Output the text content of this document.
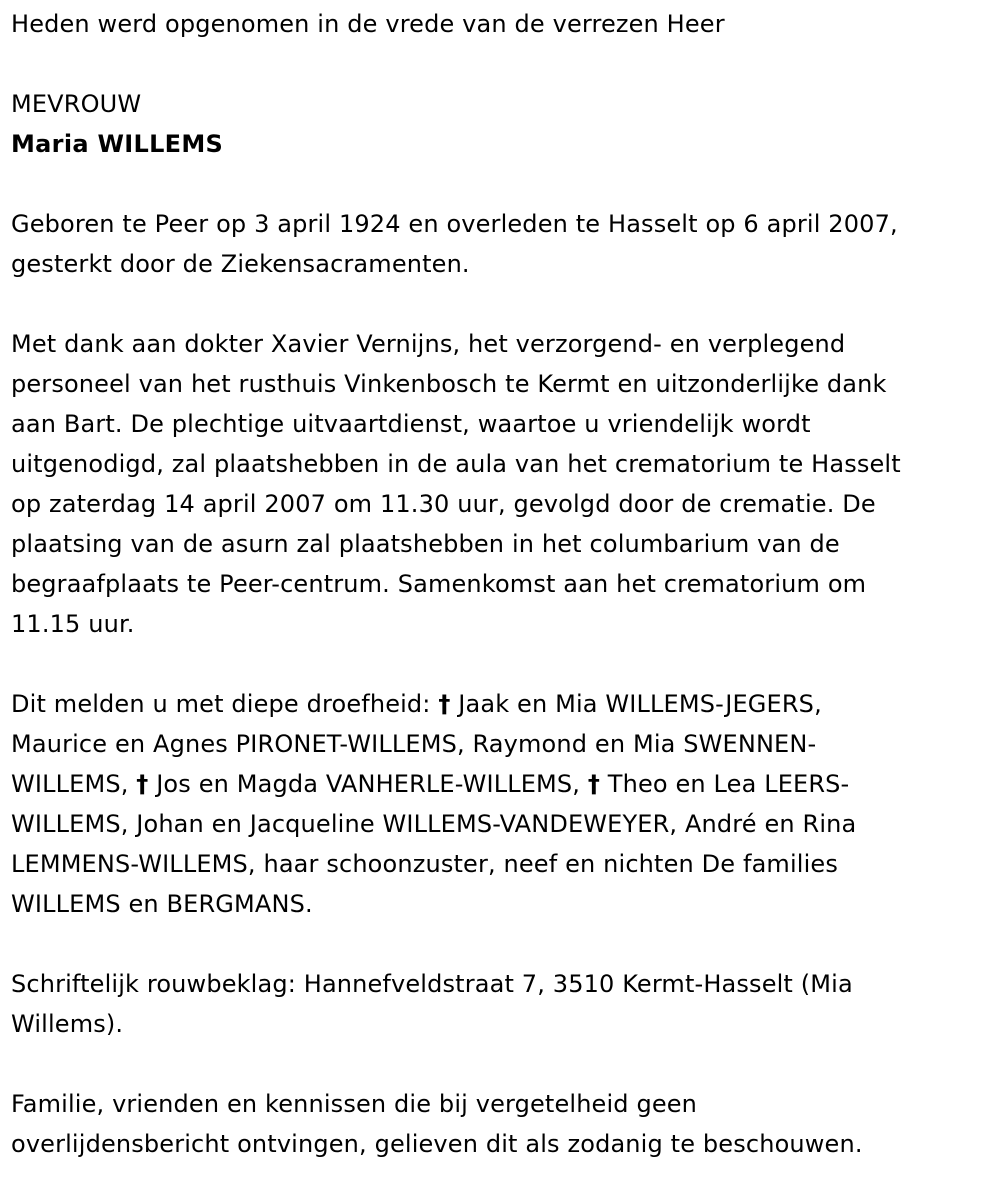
Heden werd opgenomen in de vrede van de verrezen Heer

MEVROUW

Maria WILLEMS

Geboren te Peer op 3 april 1924 en overleden te Hasselt op 6 april 2007,

gesterkt door de Ziekensacramenten.

Met dank aan dokter Xavier Vernijns, het verzorgend- en verplegend

personeel van het rusthuis Vinkenbosch te Kermt en uitzonderlijke dank

aan Bart. De plechtige uitvaartdienst, waartoe u vriendelijk wordt

uitgenodigd, zal plaatshebben in de aula van het crematorium te Hasselt

op zaterdag 14 april 2007 om 11.30 uur, gevolgd door de crematie. De

plaatsing van de asurn zal plaatshebben in het columbarium van de

begraafplaats te Peer-centrum. Samenkomst aan het crematorium om

11.15 uur.

Dit melden u met diepe droefheid: † Jaak en Mia WILLEMS-JEGERS,

Maurice en Agnes PIRONET-WILLEMS, Raymond en Mia SWENNEN-

WILLEMS, † Jos en Magda VANHERLE-WILLEMS, † Theo en Lea LEERS-

WILLEMS, Johan en Jacqueline WILLEMS-VANDEWEYER, André en Rina

LEMMENS-WILLEMS, haar schoonzuster, neef en nichten De families

WILLEMS en BERGMANS.

Schriftelijk rouwbeklag: Hannefveldstraat 7, 3510 Kermt-Hasselt (Mia

Willems).

Familie, vrienden en kennissen die bij vergetelheid geen

overlijdensbericht ontvingen, gelieven dit als zodanig te beschouwen.
